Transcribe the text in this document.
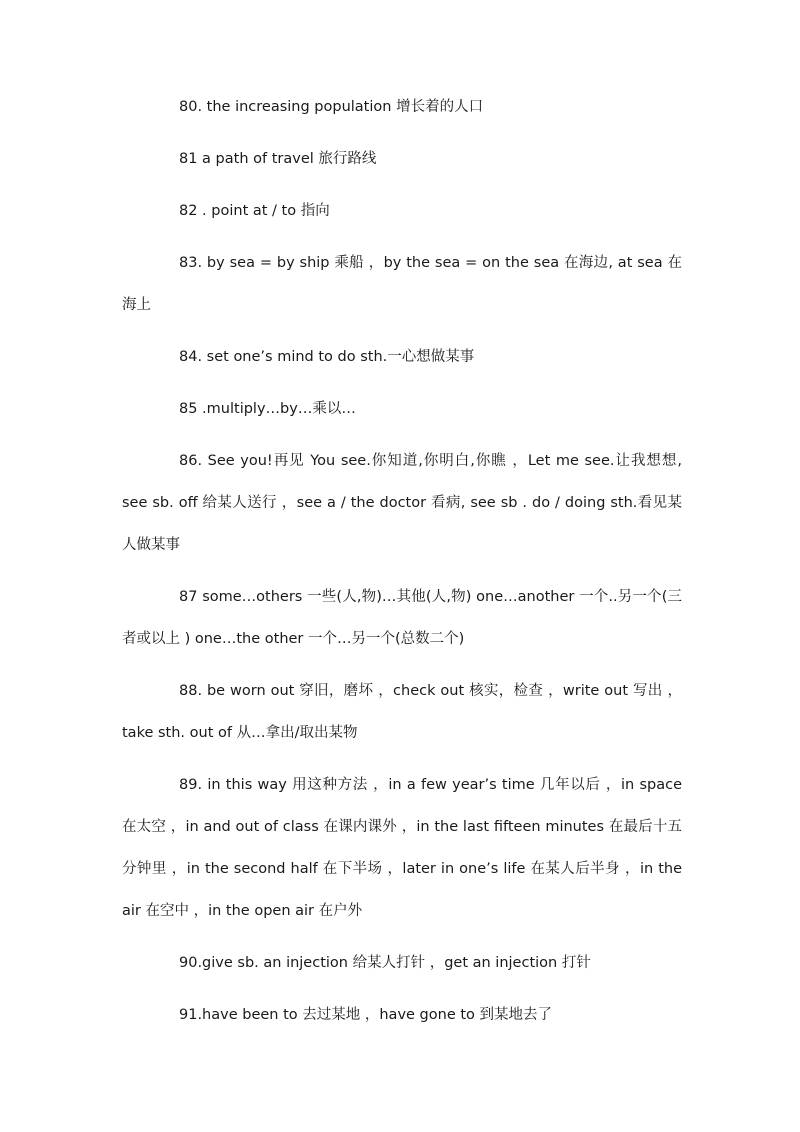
80. the increasing population 增长着的人口

81 a path of travel 旅行路线

82 . point at / to 指向

83. by sea = by ship 乘船 ，by the sea = on the sea 在海边, at sea 在海上

84. set one’s mind to do sth.一心想做某事

85 .multiply…by…乘以…

86. See you!再见 You see.你知道,你明白,你瞧 ，Let me see.让我想想, see sb. off 给某人送行 ，see a / the doctor 看病, see sb . do / doing sth.看见某人做某事

87 some…others 一些(人,物)…其他(人,物) one…another 一个..另一个(三者或以上 ) one…the other 一个…另一个(总数二个)

88. be worn out 穿旧，磨坏 ，check out 核实，检查 ，write out 写出 ， take sth. out of 从…拿出/取出某物

89. in this way 用这种方法 ，in a few year’s time 几年以后 ，in space 在太空 ，in and out of class 在课内课外 ，in the last fifteen minutes 在最后十五分钟里 ，in the second half 在下半场 ，later in one’s life 在某人后半身 ，in the air 在空中 ，in the open air 在户外

90.give sb. an injection 给某人打针 ，get an injection 打针

91.have been to 去过某地 ，have gone to 到某地去了
